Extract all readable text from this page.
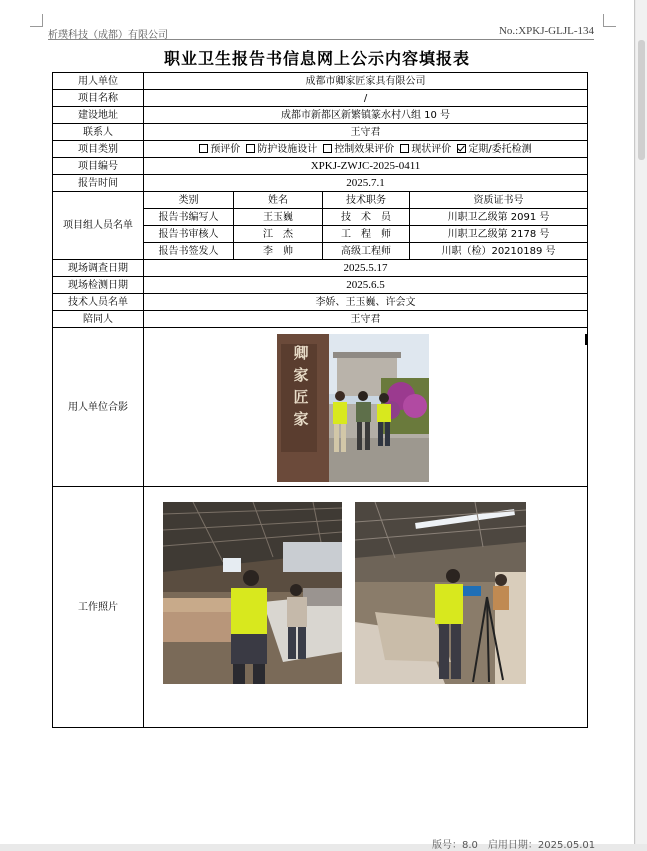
析璞科技（成都）有限公司	No.:XPKJ-GLJL-134
职业卫生报告书信息网上公示内容填报表
用人单位	成都市卿家匠家具有限公司			
项目名称	/			
建设地址	成都市新都区新繁镇篆水村八组 10 号			
联系人	王守君			
项目类别	预评价 防护设施设计 控制效果评价 现状评价 定期/委托检测			
项目编号	XPKJ-ZWJC-2025-0411			
报告时间	2025.7.1			
项目组人员名单	类别	姓名	技术职务	资质证书号
	报告书编写人	王玉巍	技　术　员	川职卫乙级第 2091 号
	报告书审核人	江　杰	工　程　师	川职卫乙级第 2178 号
	报告书签发人	李　帅	高级工程师	川职（检）20210189 号
现场调查日期	2025.5.17			
现场检测日期	2025.6.5			
技术人员名单	李娇、王玉巍、许会文			
陪同人	王守君			
用人单位合影	卿
家
匠
家			

工作照片	
版号：8.0　启用日期：2025.05.01
